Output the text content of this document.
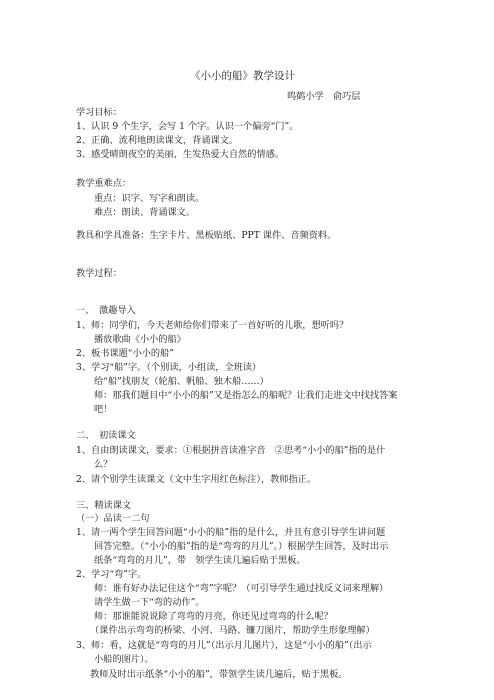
《小小的船》教学设计
鸣鹤小学　俞巧层
学习目标：
1、认识 9 个生字，会写 1 个字。认识一个偏旁“门”。
2、正确、流利地朗读课文，背诵课文。
3、感受晴朗夜空的美丽，生发热爱大自然的情感。
教学重难点：
重点：识字、写字和朗读。
难点：朗读、背诵课文。
教具和学具准备：生字卡片、黑板贴纸、PPT 课件、音频资料。
教学过程：
一、　激趣导入
1、师：同学们，今天老师给你们带来了一首好听的儿歌，想听吗？
播放歌曲《小小的船》
2、板书课题“小小的船”
3、学习“船”字。（个别读，小组读，全班读）
给“船”找朋友（轮船、帆船、独木船……）
师：那我们题目中“小小的船”又是指怎么的船呢？让我们走进文中找找答案
吧！
二、　初读课文
1、自由朗读课文，要求：①根据拼音读准字音　②思考“小小的船”指的是什
么？
2、请个别学生读课文（文中生字用红色标注），教师指正。
三、精读课文
（一）品读一二句
1、请一两个学生回答问题“小小的船”指的是什么，并且有意引导学生讲问题
回答完整。（“小小的船”指的是“弯弯的月儿”。）根据学生回答，及时出示
纸条“弯弯的月儿”，带　领学生读几遍后贴于黑板。
2、学习“弯”字。
师：谁有好办法记住这个“弯”字呢？（可引导学生通过找反义词来理解）
请学生做一下“弯的动作”。
师：那谁能说说除了弯弯的月亮，你还见过弯弯的什么呢？
（课件出示弯弯的桥梁、小河、马路、镰刀图片，帮助学生形象理解）
3、师：看，这就是“弯弯的月儿”（出示月儿图片），这是“小小的船”（出示
小船的图片）。
教师及时出示纸条“小小的船”，带领学生读几遍后，贴于黑板。
